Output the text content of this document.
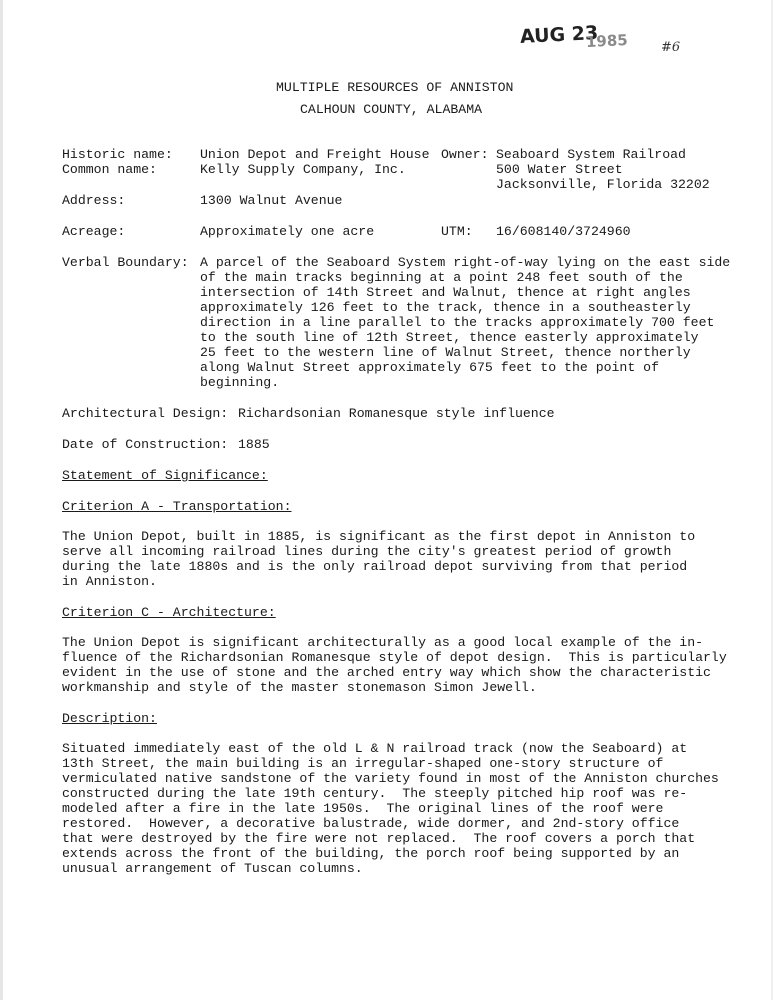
AUG 23
1985	#6
MULTIPLE RESOURCES OF ANNISTON
CALHOUN COUNTY, ALABAMA
Historic name: Union Depot and Freight House
Common name:	Kelly Supply Company, Inc.
Owner: Seaboard System Railroad
500 Water Street
Jacksonville, Florida 32202
Address:	1300 Walnut Avenue
Acreage:	Approximately one acre	UTM: 16/608140/3724960
Verbal Boundary: A parcel of the Seaboard System right-of-way lying on the east side
of the main tracks beginning at a point 248 feet south of the
intersection of 14th Street and Walnut, thence at right angles
approximately 126 feet to the track, thence in a southeasterly
direction in a line parallel to the tracks approximately 700 feet
to the south line of 12th Street, thence easterly approximately
25 feet to the western line of Walnut Street, thence northerly
along Walnut Street approximately 675 feet to the point of
beginning.
Architectural Design: Richardsonian Romanesque style influence
Date of Construction: 1885
Statement of Significance:
Criterion A - Transportation:
The Union Depot, built in 1885, is significant as the first depot in Anniston to
serve all incoming railroad lines during the city's greatest period of growth
during the late 1880s and is the only railroad depot surviving from that period
in Anniston.
Criterion C - Architecture:
The Union Depot is significant architecturally as a good local example of the in-
fluence of the Richardsonian Romanesque style of depot design.  This is particularly
evident in the use of stone and the arched entry way which show the characteristic
workmanship and style of the master stonemason Simon Jewell.
Description:
Situated immediately east of the old L & N railroad track (now the Seaboard) at
13th Street, the main building is an irregular-shaped one-story structure of
vermiculated native sandstone of the variety found in most of the Anniston churches
constructed during the late 19th century.  The steeply pitched hip roof was re-
modeled after a fire in the late 1950s.  The original lines of the roof were
restored.  However, a decorative balustrade, wide dormer, and 2nd-story office
that were destroyed by the fire were not replaced.  The roof covers a porch that
extends across the front of the building, the porch roof being supported by an
unusual arrangement of Tuscan columns.
